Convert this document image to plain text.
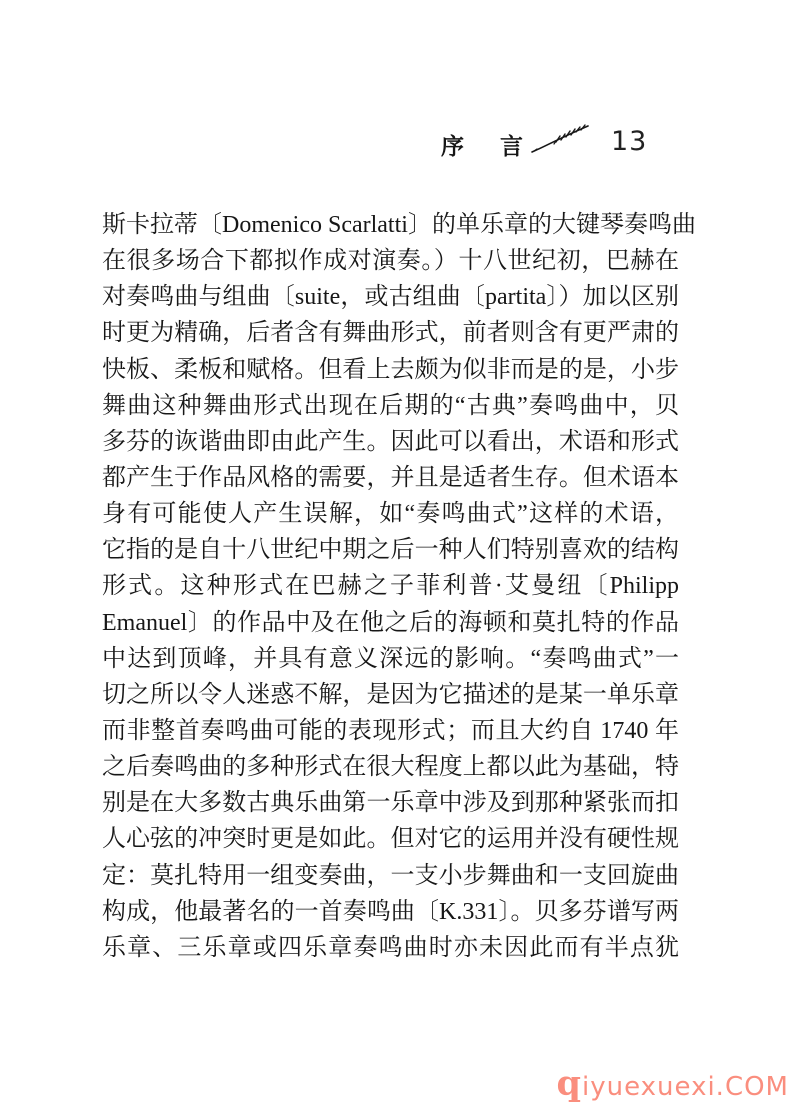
序言 13
斯卡拉蒂〔Domenico Scarlatti〕的单乐章的大键琴奏鸣曲
在很多场合下都拟作成对演奏。）十八世纪初，巴赫在
对奏鸣曲与组曲〔suite，或古组曲〔partita〕）加以区别
时更为精确，后者含有舞曲形式，前者则含有更严肃的
快板、柔板和赋格。但看上去颇为似非而是的是，小步
舞曲这种舞曲形式出现在后期的“古典”奏鸣曲中，贝
多芬的诙谐曲即由此产生。因此可以看出，术语和形式
都产生于作品风格的需要，并且是适者生存。但术语本
身有可能使人产生误解，如“奏鸣曲式”这样的术语，
它指的是自十八世纪中期之后一种人们特别喜欢的结构
形式。这种形式在巴赫之子菲利普·艾曼纽〔Philipp
Emanuel〕的作品中及在他之后的海顿和莫扎特的作品
中达到顶峰，并具有意义深远的影响。“奏鸣曲式”一
切之所以令人迷惑不解，是因为它描述的是某一单乐章
而非整首奏鸣曲可能的表现形式；而且大约自 1740 年
之后奏鸣曲的多种形式在很大程度上都以此为基础，特
别是在大多数古典乐曲第一乐章中涉及到那种紧张而扣
人心弦的冲突时更是如此。但对它的运用并没有硬性规
定：莫扎特用一组变奏曲，一支小步舞曲和一支回旋曲
构成，他最著名的一首奏鸣曲〔K.331〕。贝多芬谱写两
乐章、三乐章或四乐章奏鸣曲时亦未因此而有半点犹
q iyuexuexi.COM
